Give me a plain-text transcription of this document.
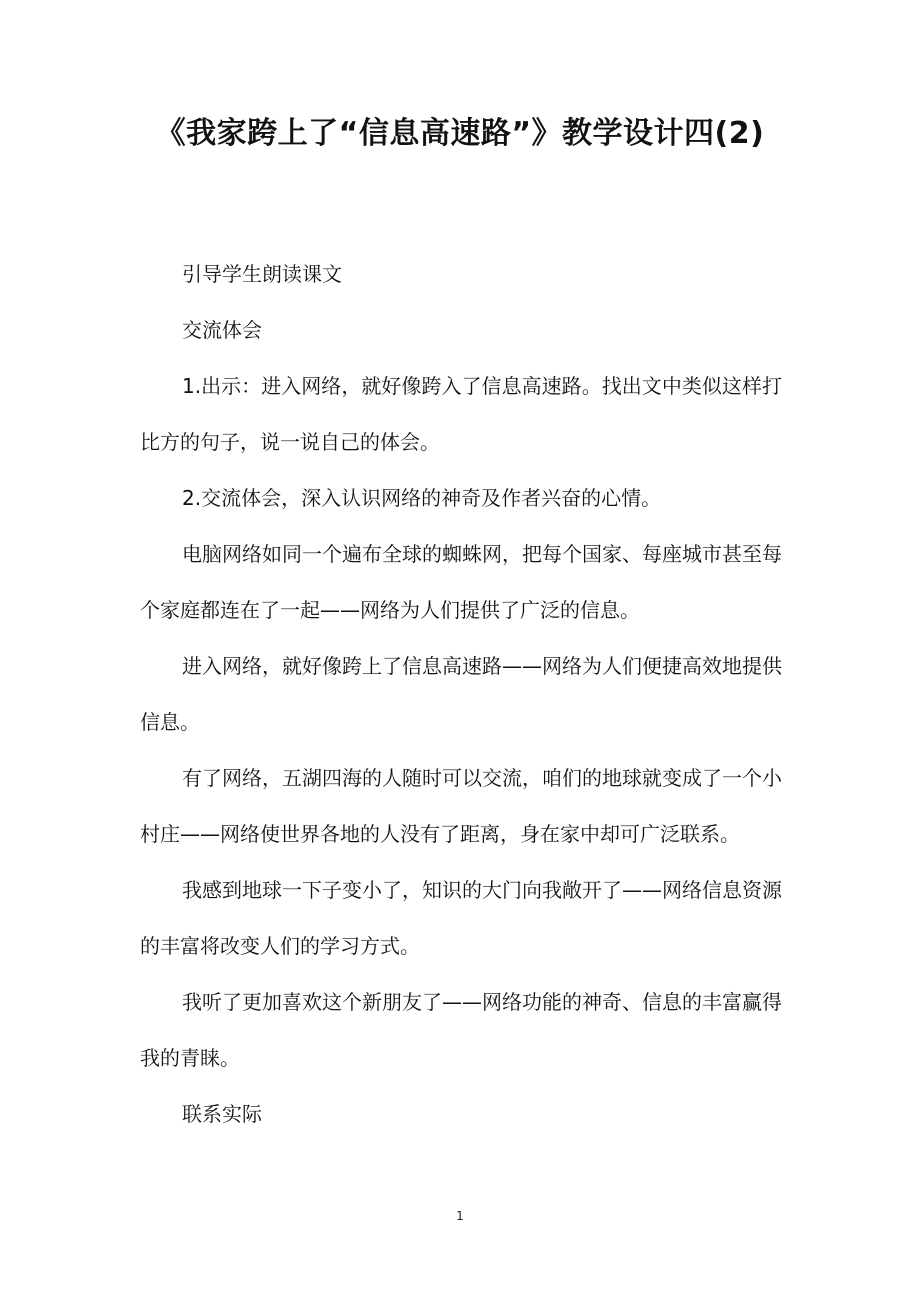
《我家跨上了“信息高速路”》教学设计四(2)

引导学生朗读课文

交流体会

1.出示：进入网络，就好像跨入了信息高速路。找出文中类似这样打比方的句子，说一说自己的体会。

2.交流体会，深入认识网络的神奇及作者兴奋的心情。

电脑网络如同一个遍布全球的蜘蛛网，把每个国家、每座城市甚至每个家庭都连在了一起——网络为人们提供了广泛的信息。

进入网络，就好像跨上了信息高速路——网络为人们便捷高效地提供信息。

有了网络，五湖四海的人随时可以交流，咱们的地球就变成了一个小村庄——网络使世界各地的人没有了距离，身在家中却可广泛联系。

我感到地球一下子变小了，知识的大门向我敞开了——网络信息资源的丰富将改变人们的学习方式。

我听了更加喜欢这个新朋友了——网络功能的神奇、信息的丰富赢得我的青睐。

联系实际

1
